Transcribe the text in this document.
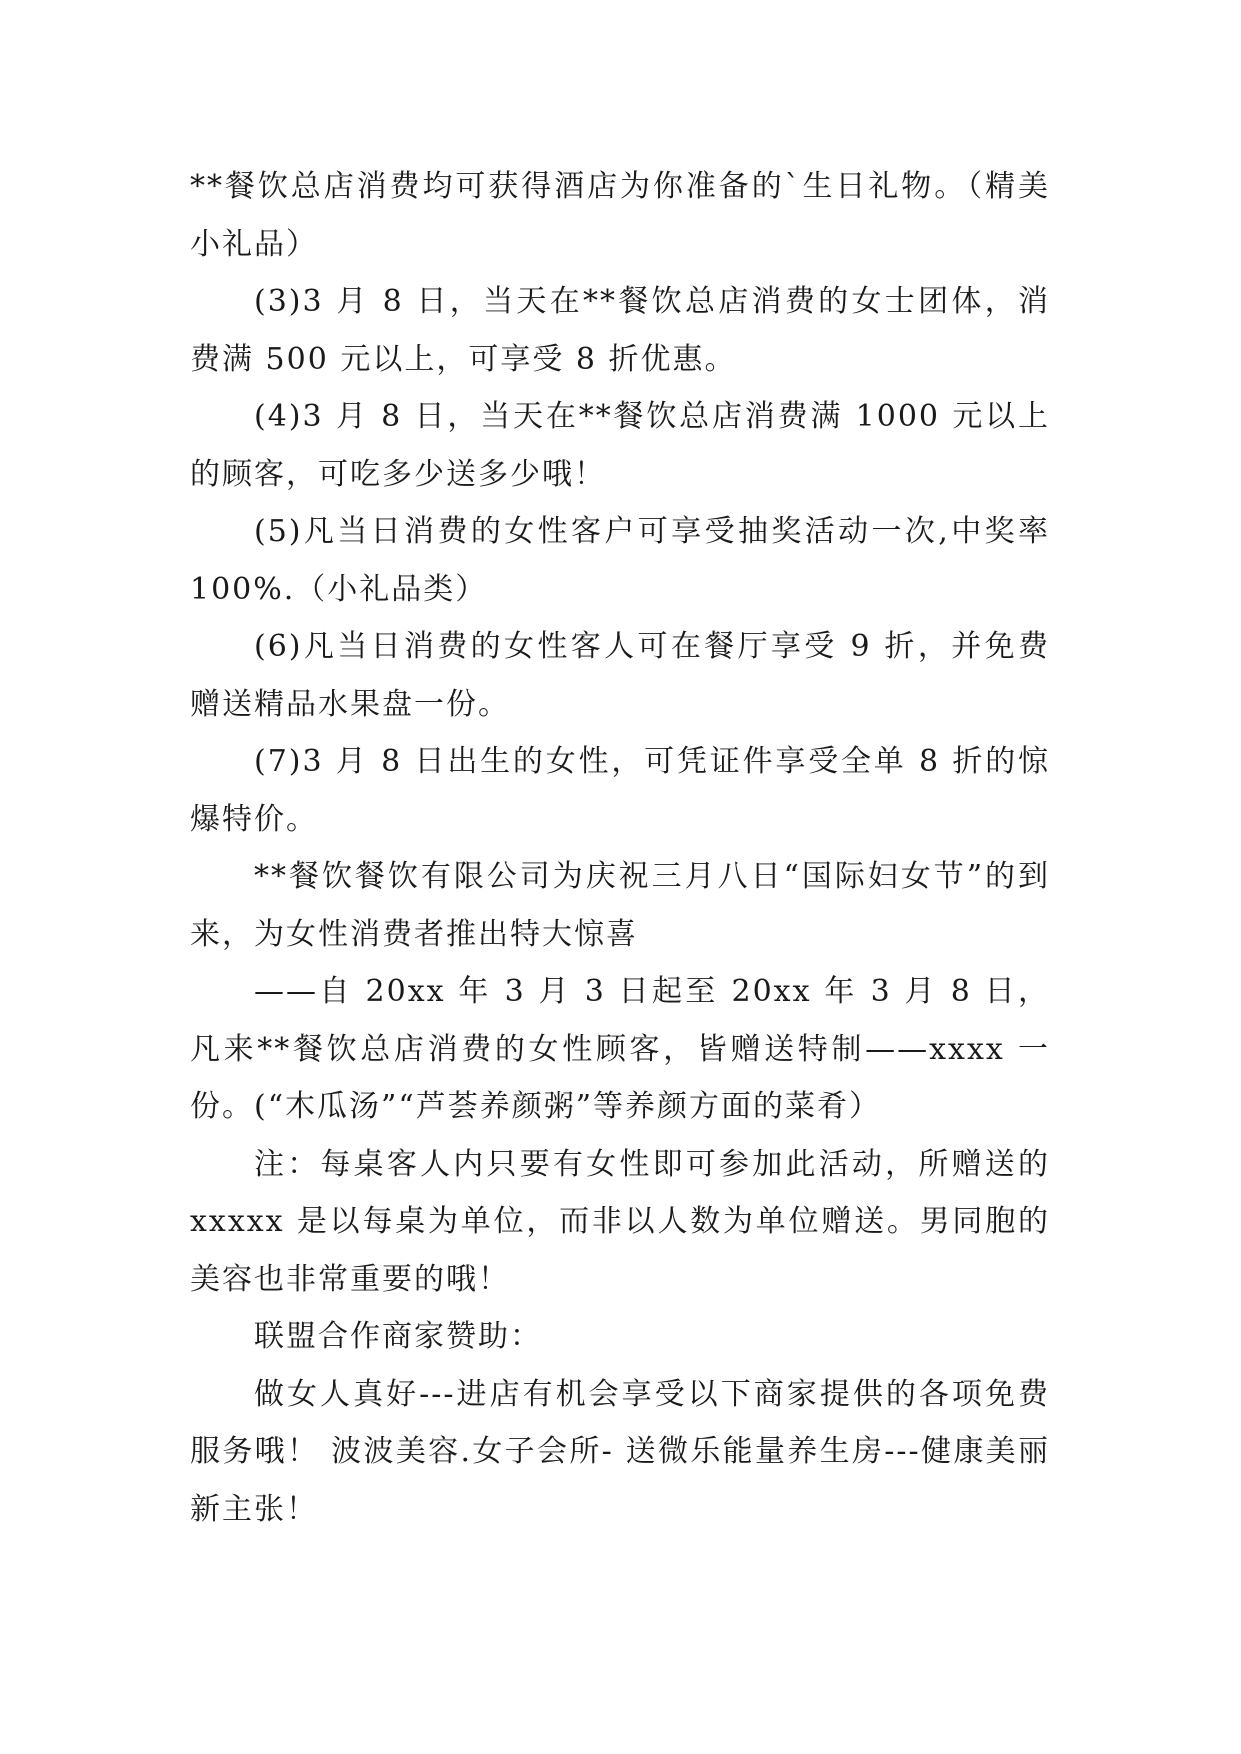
**餐饮总店消费均可获得酒店为你准备的`生日礼物。（精美小礼品）

(3)3 月 8 日，当天在**餐饮总店消费的女士团体，消费满 500 元以上，可享受 8 折优惠。

(4)3 月 8 日，当天在**餐饮总店消费满 1000 元以上的顾客，可吃多少送多少哦！

(5)凡当日消费的女性客户可享受抽奖活动一次,中奖率 100%.（小礼品类）

(6)凡当日消费的女性客人可在餐厅享受 9 折，并免费赠送精品水果盘一份。

(7)3 月 8 日出生的女性，可凭证件享受全单 8 折的惊爆特价。

**餐饮餐饮有限公司为庆祝三月八日“国际妇女节”的到来，为女性消费者推出特大惊喜

——自 20xx 年 3 月 3 日起至 20xx 年 3 月 8 日，凡来**餐饮总店消费的女性顾客，皆赠送特制——xxxx 一份。(“木瓜汤”“芦荟养颜粥”等养颜方面的菜肴）

注：每桌客人内只要有女性即可参加此活动，所赠送的 xxxxx 是以每桌为单位，而非以人数为单位赠送。男同胞的美容也非常重要的哦！

联盟合作商家赞助：

做女人真好---进店有机会享受以下商家提供的各项免费服务哦！ 波波美容.女子会所- 送微乐能量养生房---健康美丽新主张！
